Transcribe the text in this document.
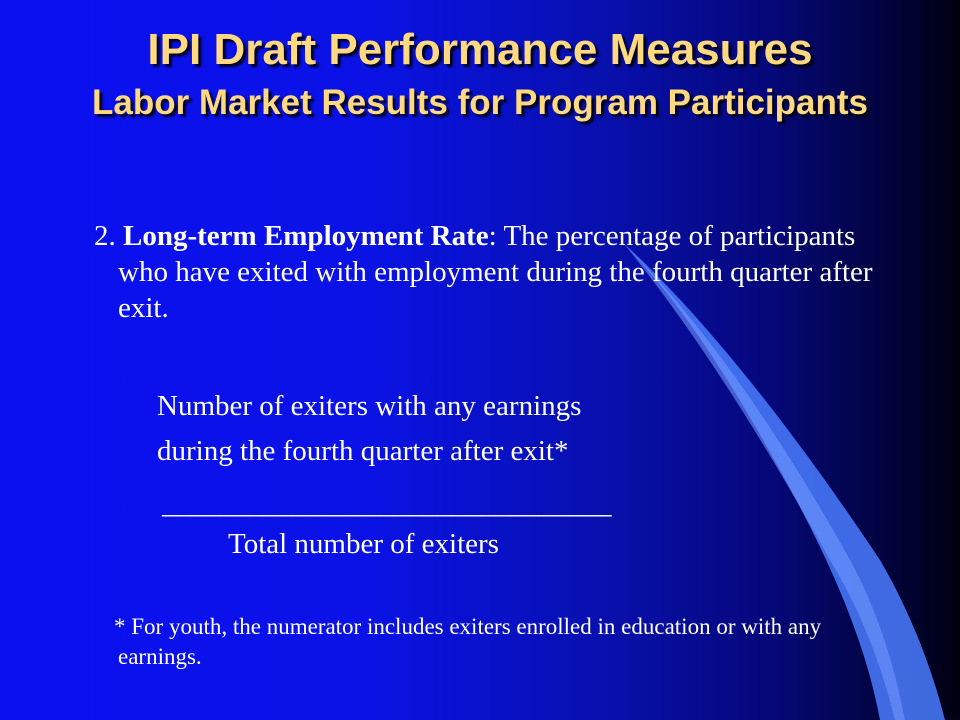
IPI Draft Performance Measures
Labor Market Results for Program Participants

2. Long-term Employment Rate: The percentage of participants who have exited with employment during the fourth quarter after exit.

Number of exiters with any earnings
during the fourth quarter after exit*
_______________________________
Total number of exiters

* For youth, the numerator includes exiters enrolled in education or with any earnings.
